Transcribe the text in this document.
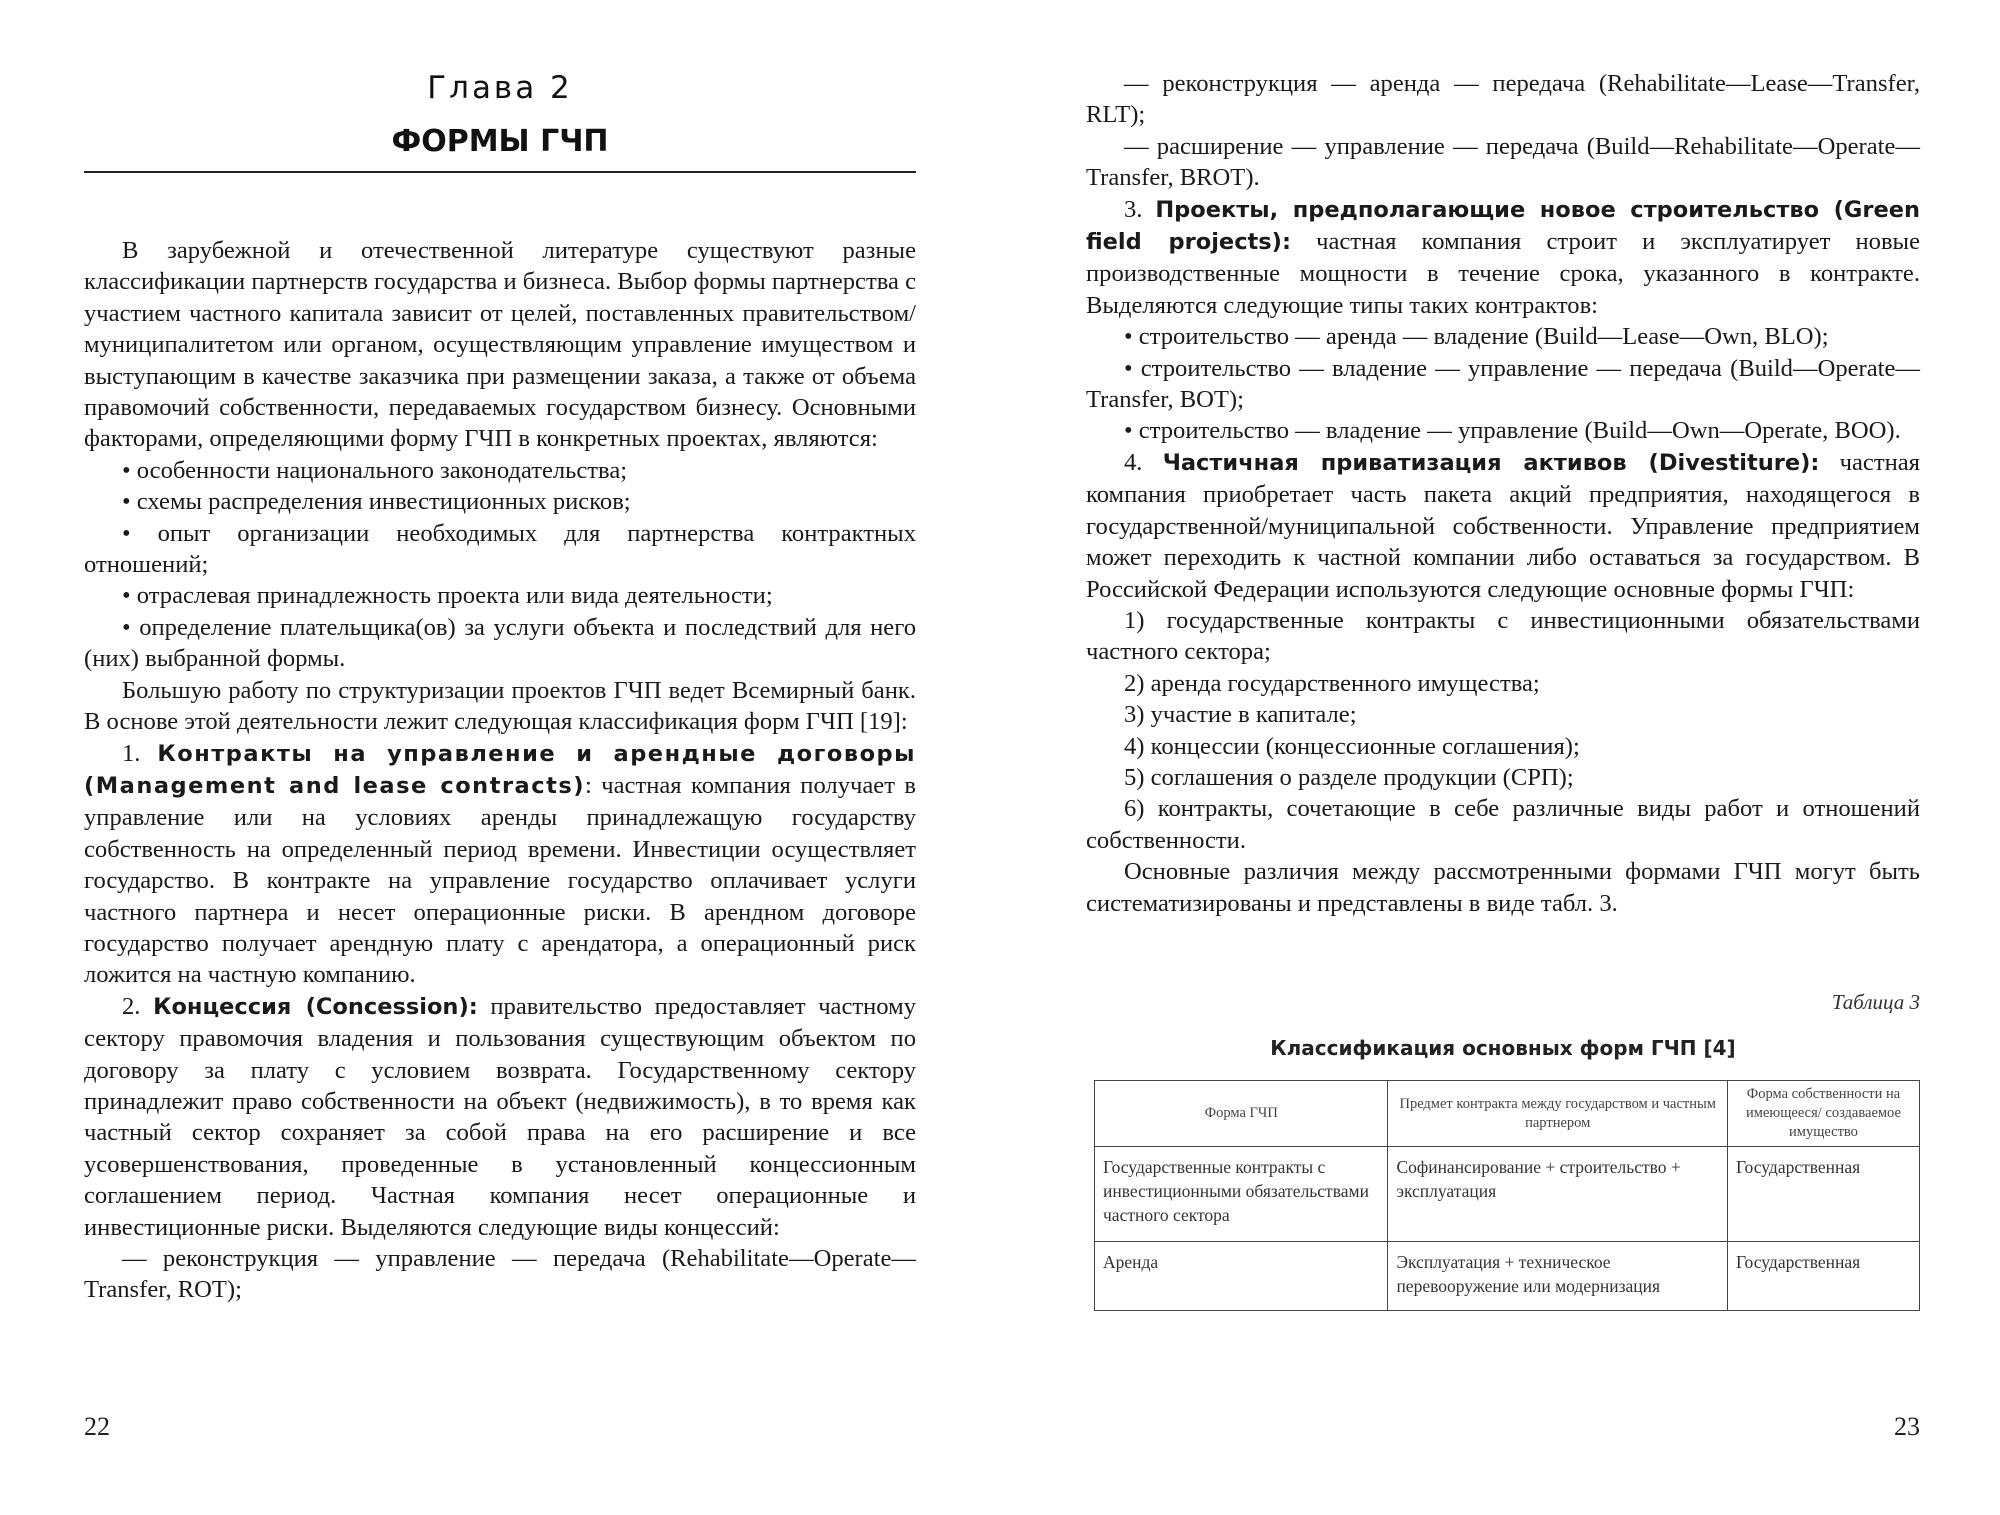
Глава 2
ФОРМЫ ГЧП

В зарубежной и отечественной литературе существуют разные классификации партнерств государства и бизнеса. Выбор формы партнерства с участием частного капитала зависит от целей, поставленных правительством/муниципалитетом или органом, осуществляющим управление имуществом и выступающим в качестве заказчика при размещении заказа, а также от объема правомочий собственности, передаваемых государством бизнесу. Основными факторами, определяющими форму ГЧП в конкретных проектах, являются:

• особенности национального законодательства;

• схемы распределения инвестиционных рисков;

• опыт организации необходимых для партнерства контрактных отношений;

• отраслевая принадлежность проекта или вида деятельности;

• определение плательщика(ов) за услуги объекта и последствий для него (них) выбранной формы.

Большую работу по структуризации проектов ГЧП ведет Всемирный банк. В основе этой деятельности лежит следующая классификация форм ГЧП [19]:

1. Контракты на управление и арендные договоры (Management and lease contracts): частная компания получает в управление или на условиях аренды принадлежащую государству собственность на определенный период времени. Инвестиции осуществляет государство. В контракте на управление государство оплачивает услуги частного партнера и несет операционные риски. В арендном договоре государство получает арендную плату с арендатора, а операционный риск ложится на частную компанию.

2. Концессия (Concession): правительство предоставляет частному сектору правомочия владения и пользования существующим объектом по договору за плату с условием возврата. Государственному сектору принадлежит право собственности на объект (недвижимость), в то время как частный сектор сохраняет за собой права на его расширение и все усовершенствования, проведенные в установленный концессионным соглашением период. Частная компания несет операционные и инвестиционные риски. Выделяются следующие виды концессий:

— реконструкция — управление — передача (Rehabilitate—Operate—Transfer, ROT);

22

— реконструкция — аренда — передача (Rehabilitate—Lease—Transfer, RLT);

— расширение — управление — передача (Build—Rehabilitate—Operate—Transfer, BROT).

3. Проекты, предполагающие новое строительство (Green field projects): частная компания строит и эксплуатирует новые производственные мощности в течение срока, указанного в контракте. Выделяются следующие типы таких контрактов:

• строительство — аренда — владение (Build—Lease—Own, BLO);

• строительство — владение — управление — передача (Build—Operate—Transfer, BOT);

• строительство — владение — управление (Build—Own—Operate, BOO).

4. Частичная приватизация активов (Divestiture): частная компания приобретает часть пакета акций предприятия, находящегося в государственной/муниципальной собственности. Управление предприятием может переходить к частной компании либо оставаться за государством. В Российской Федерации используются следующие основные формы ГЧП:

1) государственные контракты с инвестиционными обязательствами частного сектора;

2) аренда государственного имущества;

3) участие в капитале;

4) концессии (концессионные соглашения);

5) соглашения о разделе продукции (СРП);

6) контракты, сочетающие в себе различные виды работ и отношений собственности.

Основные различия между рассмотренными формами ГЧП могут быть систематизированы и представлены в виде табл. 3.

Таблица 3
Классификация основных форм ГЧП [4]
Форма ГЧП	Предмет контракта между государством и частным партнером	Форма собственности на имеющееся/ создаваемое имущество
Государственные контракты с инвестиционными обязательствами частного сектора	Софинансирование + строительство + эксплуатация	Государственная
Аренда	Эксплуатация + техническое перевооружение или модернизация	Государственная
23
